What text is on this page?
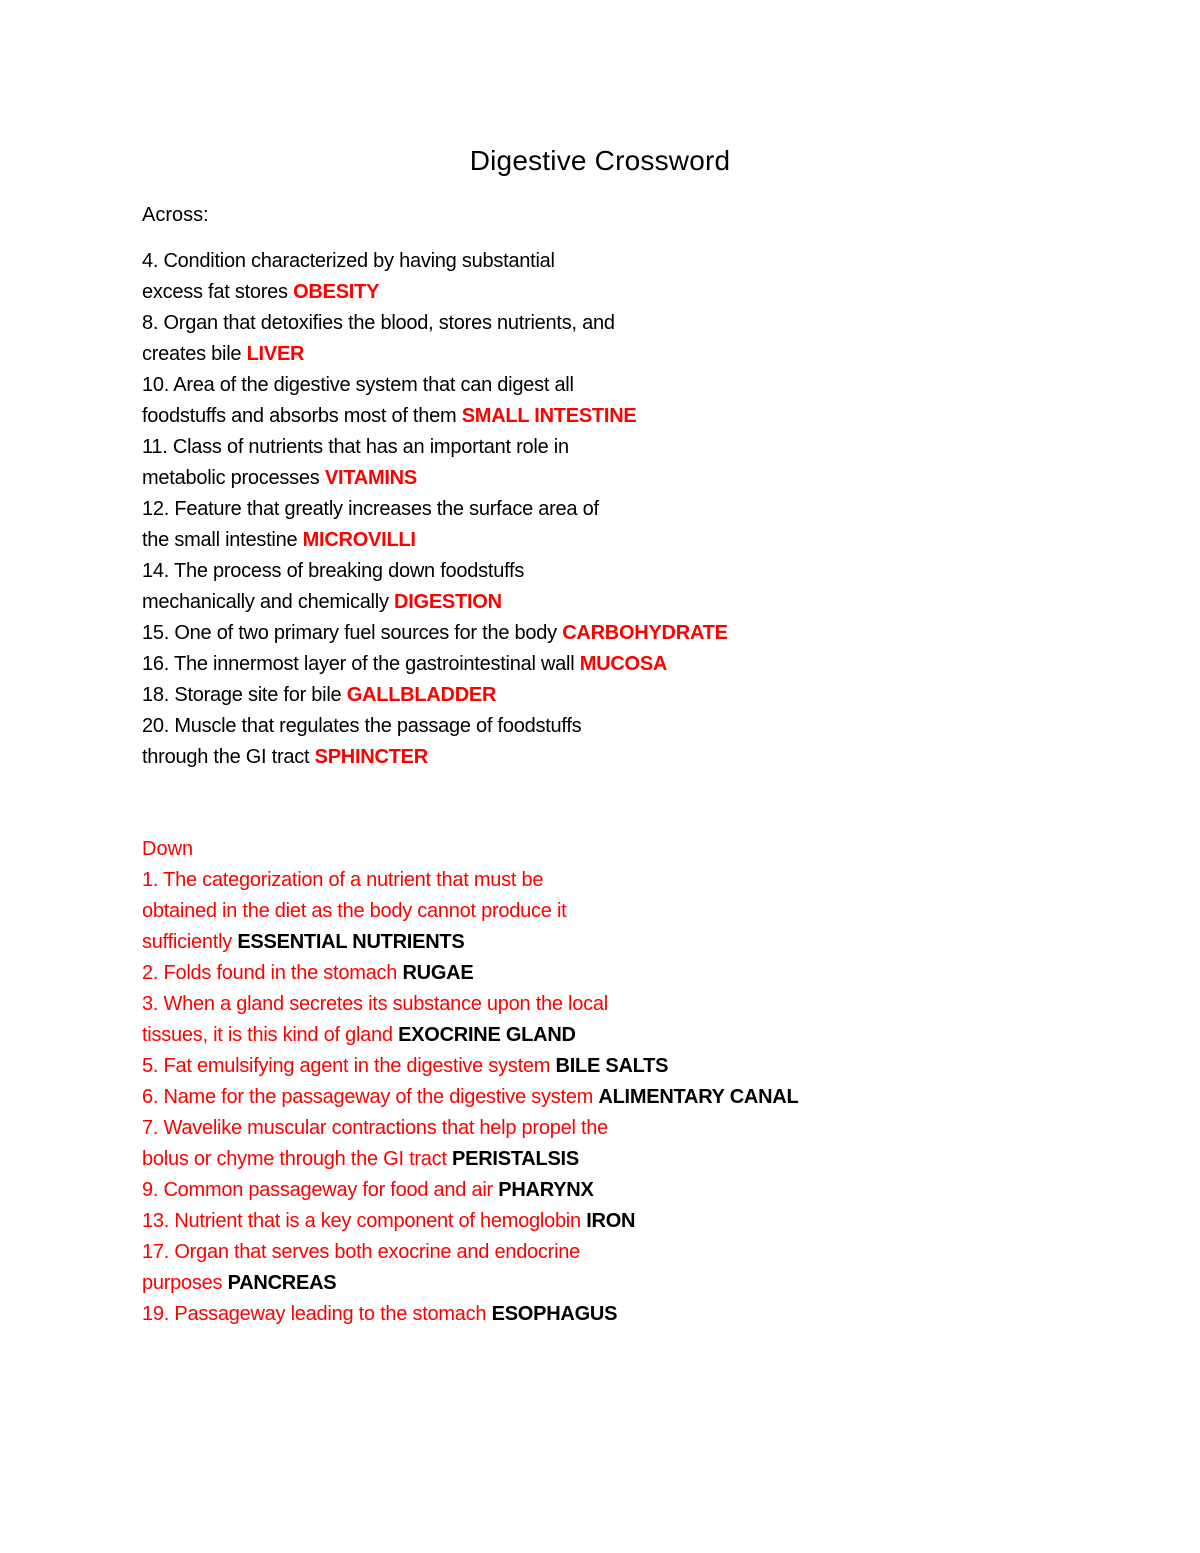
Digestive Crossword
Across:
4. Condition characterized by having substantial
excess fat stores OBESITY
8. Organ that detoxifies the blood, stores nutrients, and
creates bile LIVER
10. Area of the digestive system that can digest all
foodstuffs and absorbs most of them SMALL INTESTINE
11. Class of nutrients that has an important role in
metabolic processes VITAMINS
12. Feature that greatly increases the surface area of
the small intestine MICROVILLI
14. The process of breaking down foodstuffs
mechanically and chemically DIGESTION
15. One of two primary fuel sources for the body CARBOHYDRATE
16. The innermost layer of the gastrointestinal wall MUCOSA
18. Storage site for bile GALLBLADDER
20. Muscle that regulates the passage of foodstuffs
through the GI tract SPHINCTER
Down
1. The categorization of a nutrient that must be
obtained in the diet as the body cannot produce it
sufficiently ESSENTIAL NUTRIENTS
2. Folds found in the stomach RUGAE
3. When a gland secretes its substance upon the local
tissues, it is this kind of gland EXOCRINE GLAND
5. Fat emulsifying agent in the digestive system BILE SALTS
6. Name for the passageway of the digestive system ALIMENTARY CANAL
7. Wavelike muscular contractions that help propel the
bolus or chyme through the GI tract PERISTALSIS
9. Common passageway for food and air PHARYNX
13. Nutrient that is a key component of hemoglobin IRON
17. Organ that serves both exocrine and endocrine
purposes PANCREAS
19. Passageway leading to the stomach ESOPHAGUS
